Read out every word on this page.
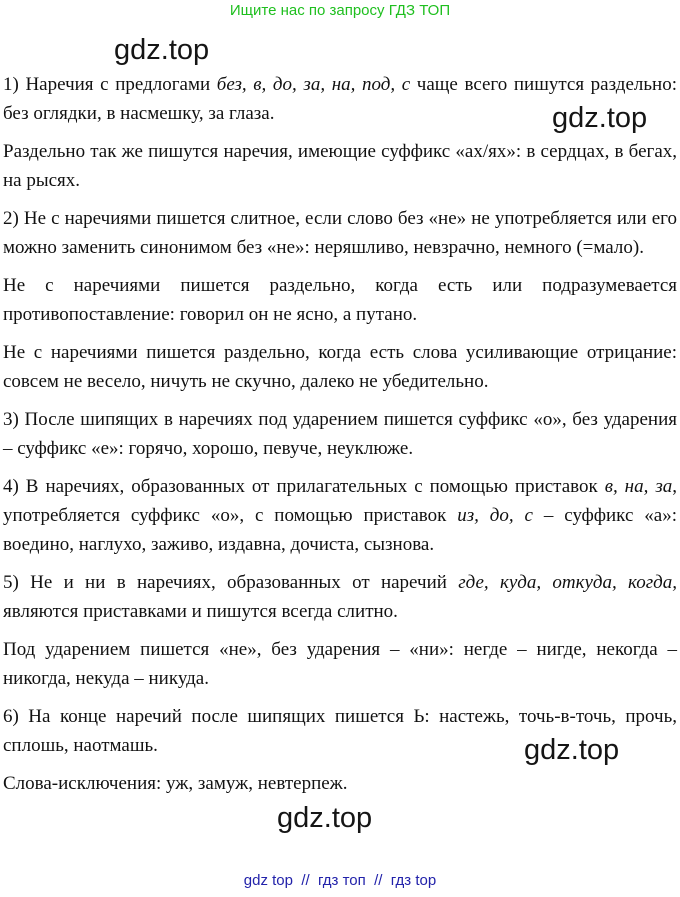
Ищите нас по запросу ГДЗ ТОП

1) Наречия с предлогами без, в, до, за, на, под, с чаще всего пишутся раздельно: без оглядки, в насмешку, за глаза.

Раздельно так же пишутся наречия, имеющие суффикс «ах/ях»: в сердцах, в бегах, на рысях.

2) Не с наречиями пишется слитное, если слово без «не» не употребляется или его можно заменить синонимом без «не»: неряшливо, невзрачно, немного (=мало).

Не с наречиями пишется раздельно, когда есть или подразумевается противопоставление: говорил он не ясно, а путано.

Не с наречиями пишется раздельно, когда есть слова усиливающие отрицание: совсем не весело, ничуть не скучно, далеко не убедительно.

3) После шипящих в наречиях под ударением пишется суффикс «о», без ударения – суффикс «е»: горячо, хорошо, певуче, неуклюже.

4) В наречиях, образованных от прилагательных с помощью приставок в, на, за, употребляется суффикс «о», с помощью приставок из, до, с – суффикс «а»: воедино, наглухо, заживо, издавна, дочиста, сызнова.

5) Не и ни в наречиях, образованных от наречий где, куда, откуда, когда, являются приставками и пишутся всегда слитно.

Под ударением пишется «не», без ударения – «ни»: негде – нигде, некогда – никогда, некуда – никуда.

6) На конце наречий после шипящих пишется Ь: настежь, точь-в-точь, прочь, сплошь, наотмашь.

Слова-исключения: уж, замуж, невтерпеж.

gdz.top
gdz.top
gdz.top
gdz.top
gdz top  //  гдз топ  //  гдз top
